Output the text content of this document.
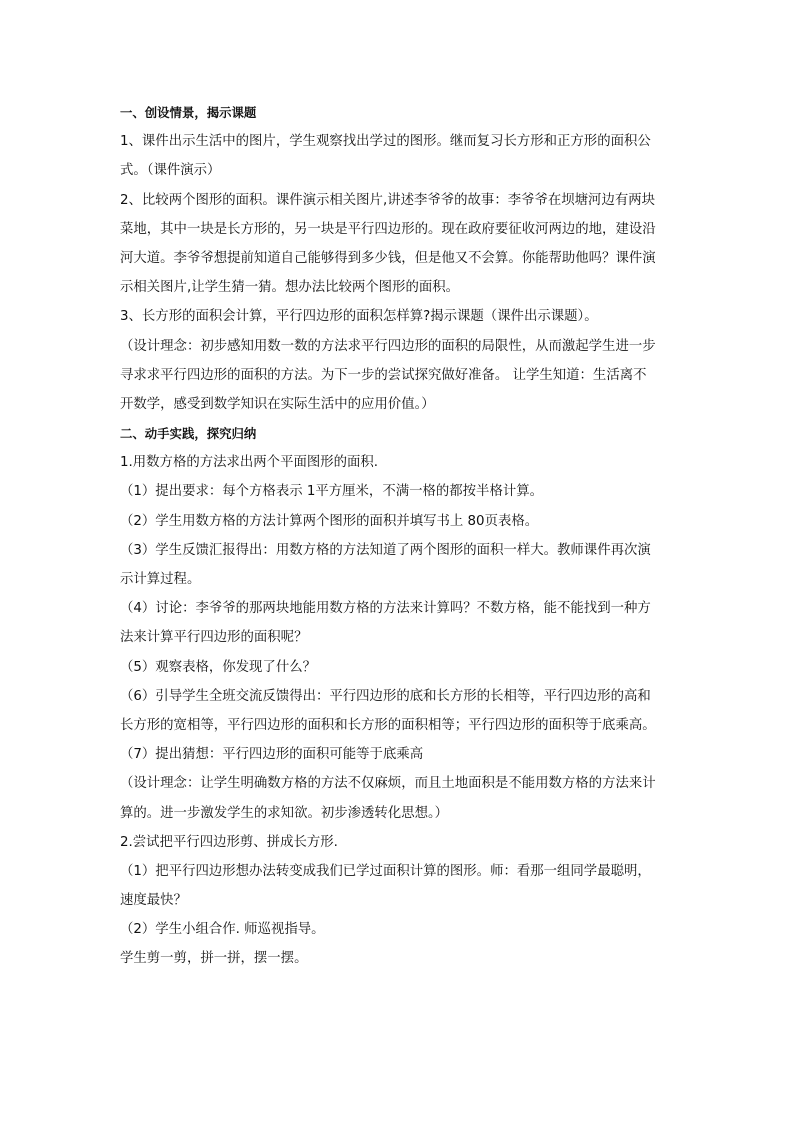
一、创设情景，揭示课题
1、课件出示生活中的图片，学生观察找出学过的图形。继而复习长方形和正方形的面积公
式。（课件演示）
2、比较两个图形的面积。课件演示相关图片,讲述李爷爷的故事：李爷爷在坝塘河边有两块
菜地，其中一块是长方形的，另一块是平行四边形的。现在政府要征收河两边的地，建设沿
河大道。李爷爷想提前知道自己能够得到多少钱，但是他又不会算。你能帮助他吗？课件演
示相关图片,让学生猜一猜。想办法比较两个图形的面积。
3、长方形的面积会计算，平行四边形的面积怎样算?揭示课题（课件出示课题）。
（设计理念：初步感知用数一数的方法求平行四边形的面积的局限性，从而激起学生进一步
寻求求平行四边形的面积的方法。为下一步的尝试探究做好准备。 让学生知道：生活离不
开数学，感受到数学知识在实际生活中的应用价值。）
二、动手实践，探究归纳
1.用数方格的方法求出两个平面图形的面积.
（1）提出要求：每个方格表示 1平方厘米，不满一格的都按半格计算。
（2）学生用数方格的方法计算两个图形的面积并填写书上 80页表格。
（3）学生反馈汇报得出：用数方格的方法知道了两个图形的面积一样大。教师课件再次演
示计算过程。
（4）讨论：李爷爷的那两块地能用数方格的方法来计算吗？不数方格，能不能找到一种方
法来计算平行四边形的面积呢？
（5）观察表格，你发现了什么？
（6）引导学生全班交流反馈得出：平行四边形的底和长方形的长相等，平行四边形的高和
长方形的宽相等，平行四边形的面积和长方形的面积相等；平行四边形的面积等于底乘高。
（7）提出猜想：平行四边形的面积可能等于底乘高
（设计理念：让学生明确数方格的方法不仅麻烦，而且土地面积是不能用数方格的方法来计
算的。进一步激发学生的求知欲。初步渗透转化思想。）
2.尝试把平行四边形剪、拼成长方形.
（1）把平行四边形想办法转变成我们已学过面积计算的图形。师：看那一组同学最聪明，
速度最快？
（2）学生小组合作. 师巡视指导。
学生剪一剪，拼一拼，摆一摆。
